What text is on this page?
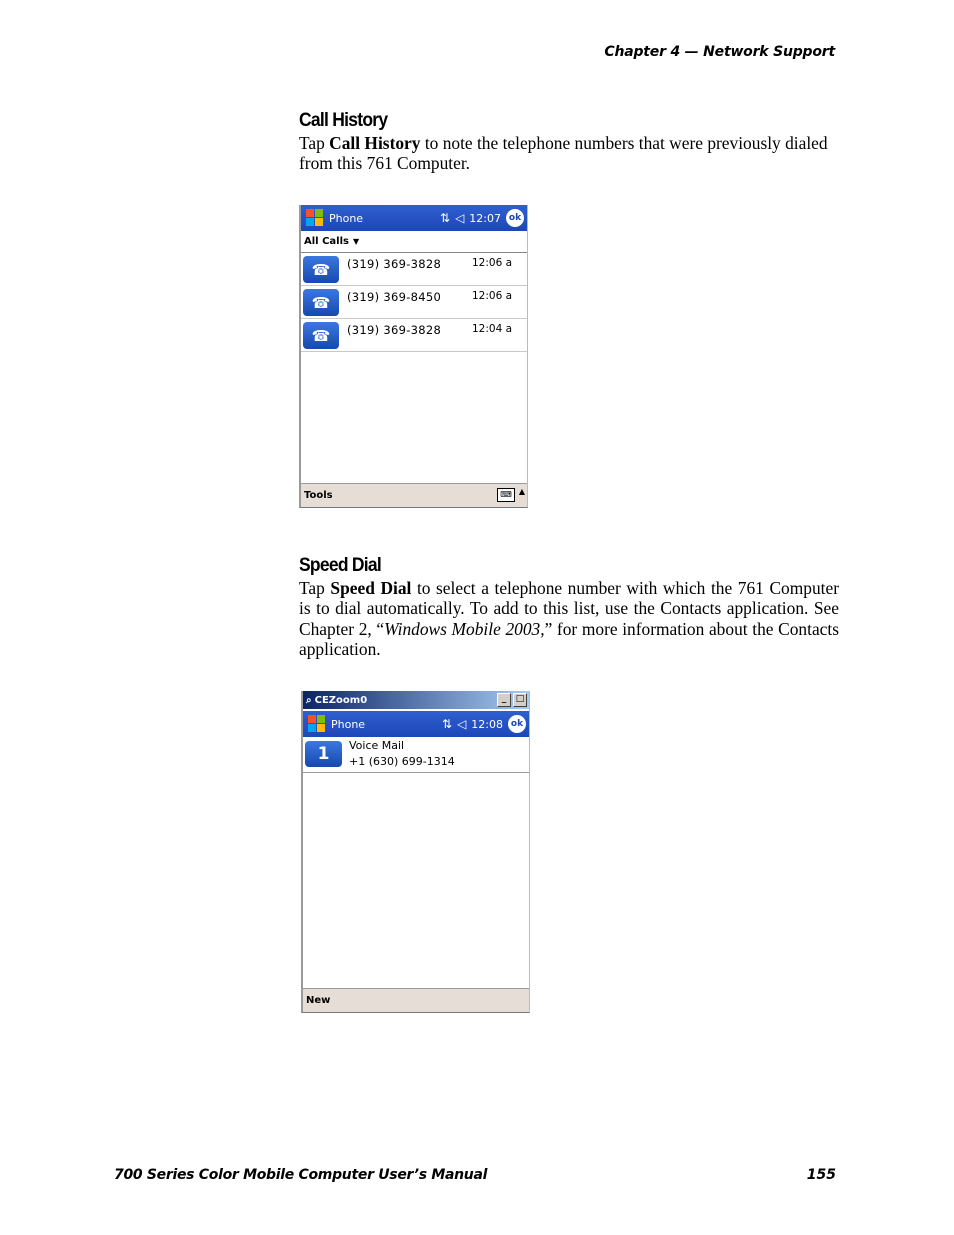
Chapter 4 — Network Support
Call History

Tap Call History to note the telephone numbers that were previously dialed from this 761 Computer.

Phone	⇅ ◁ 12:07 ok
All Calls ▼
☎	(319) 369-3828	12:06 a
☎	(319) 369-8450	12:06 a
☎	(319) 369-3828	12:04 a
Tools	⌨ ▲
Speed Dial

Tap Speed Dial to select a telephone number with which the 761 Computer is to dial automatically. To add to this list, use the Contacts application. See Chapter 2, “Windows Mobile 2003,” for more information about the Contacts application.

⌕ CEZoom0	_	□
Phone	⇅ ◁ 12:08 ok
1	Voice Mail
+1 (630) 699-1314
New
700 Series Color Mobile Computer User’s Manual	155
